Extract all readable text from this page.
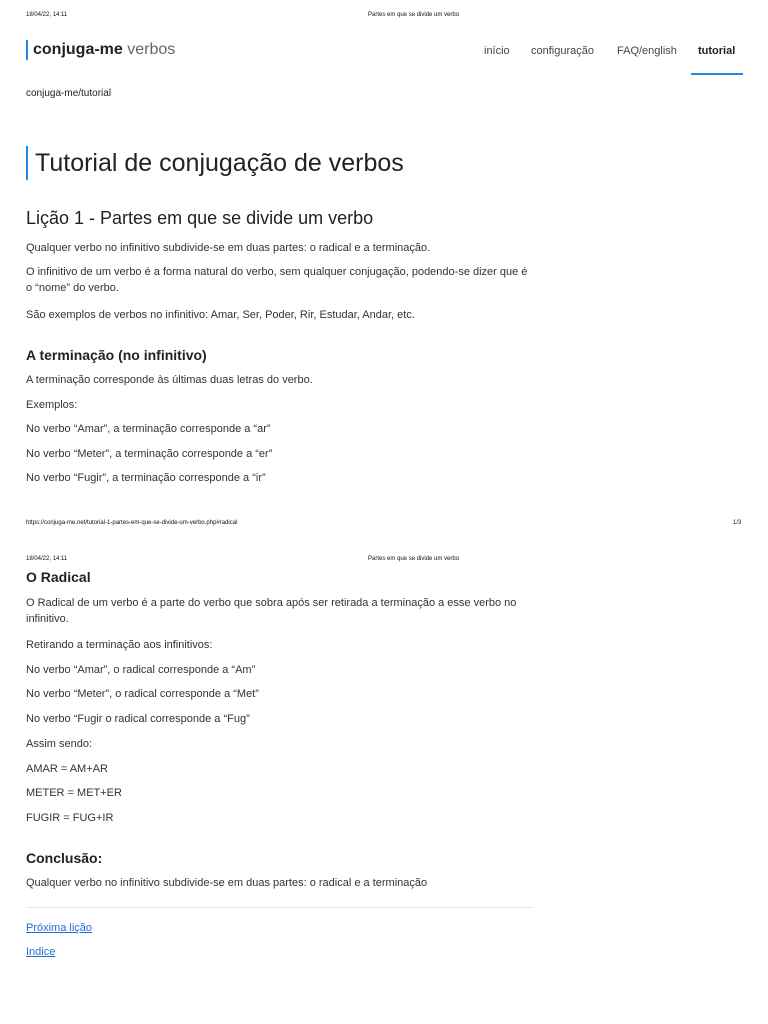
18/04/22, 14:11	Partes em que se divide um verbo
conjuga-me verbos	início configuração FAQ/english tutorial
conjuga-me/tutorial
Tutorial de conjugação de verbos
Lição 1 - Partes em que se divide um verbo

Qualquer verbo no infinitivo subdivide-se em duas partes: o radical e a terminação.

O infinitivo de um verbo é a forma natural do verbo, sem qualquer conjugação, podendo-se dizer que é o “nome” do verbo.

São exemplos de verbos no infinitivo: Amar, Ser, Poder, Rir, Estudar, Andar, etc.

A terminação (no infinitivo)

A terminação corresponde às últimas duas letras do verbo.

Exemplos:

No verbo “Amar”, a terminação corresponde a “ar”

No verbo “Meter”, a terminação corresponde a “er”

No verbo “Fugir”, a terminação corresponde a “ir”

https://conjuga-me.net/tutorial-1-partes-em-que-se-divide-um-verbo.php#radical	1/3
18/04/22, 14:11	Partes em que se divide um verbo
O Radical

O Radical de um verbo é a parte do verbo que sobra após ser retirada a terminação a esse verbo no infinitivo.

Retirando a terminação aos infinitivos:

No verbo “Amar”, o radical corresponde a “Am”

No verbo “Meter”, o radical corresponde a “Met”

No verbo “Fugir o radical corresponde a “Fug”

Assim sendo:

AMAR = AM+AR

METER = MET+ER

FUGIR = FUG+IR

Conclusão:

Qualquer verbo no infinitivo subdivide-se em duas partes: o radical e a terminação

Próxima lição
Indice
